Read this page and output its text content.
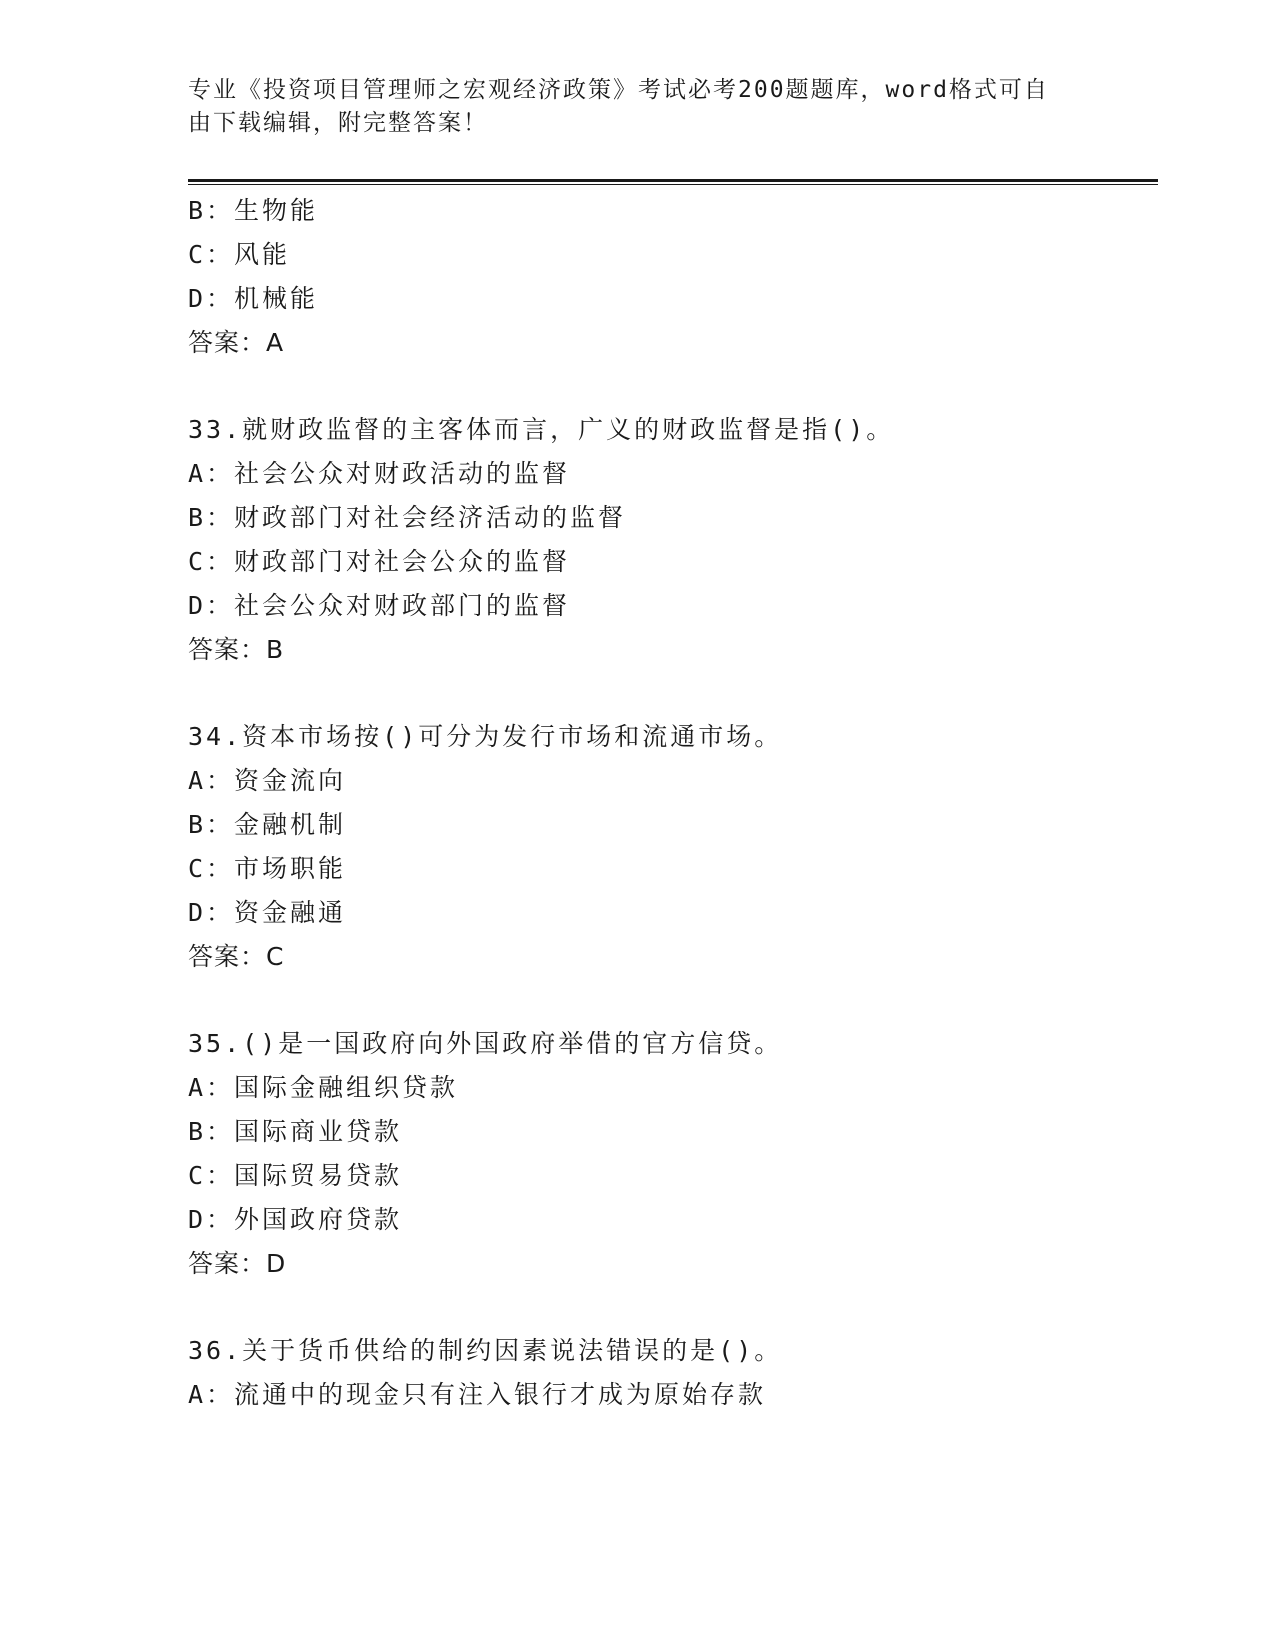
专业《投资项目管理师之宏观经济政策》考试必考200题题库，word格式可自由下载编辑，附完整答案！

B：生物能

C：风能

D：机械能

答案：A

33.就财政监督的主客体而言，广义的财政监督是指()。

A：社会公众对财政活动的监督

B：财政部门对社会经济活动的监督

C：财政部门对社会公众的监督

D：社会公众对财政部门的监督

答案：B

34.资本市场按()可分为发行市场和流通市场。

A：资金流向

B：金融机制

C：市场职能

D：资金融通

答案：C

35.()是一国政府向外国政府举借的官方信贷。

A：国际金融组织贷款

B：国际商业贷款

C：国际贸易贷款

D：外国政府贷款

答案：D

36.关于货币供给的制约因素说法错误的是()。

A：流通中的现金只有注入银行才成为原始存款
